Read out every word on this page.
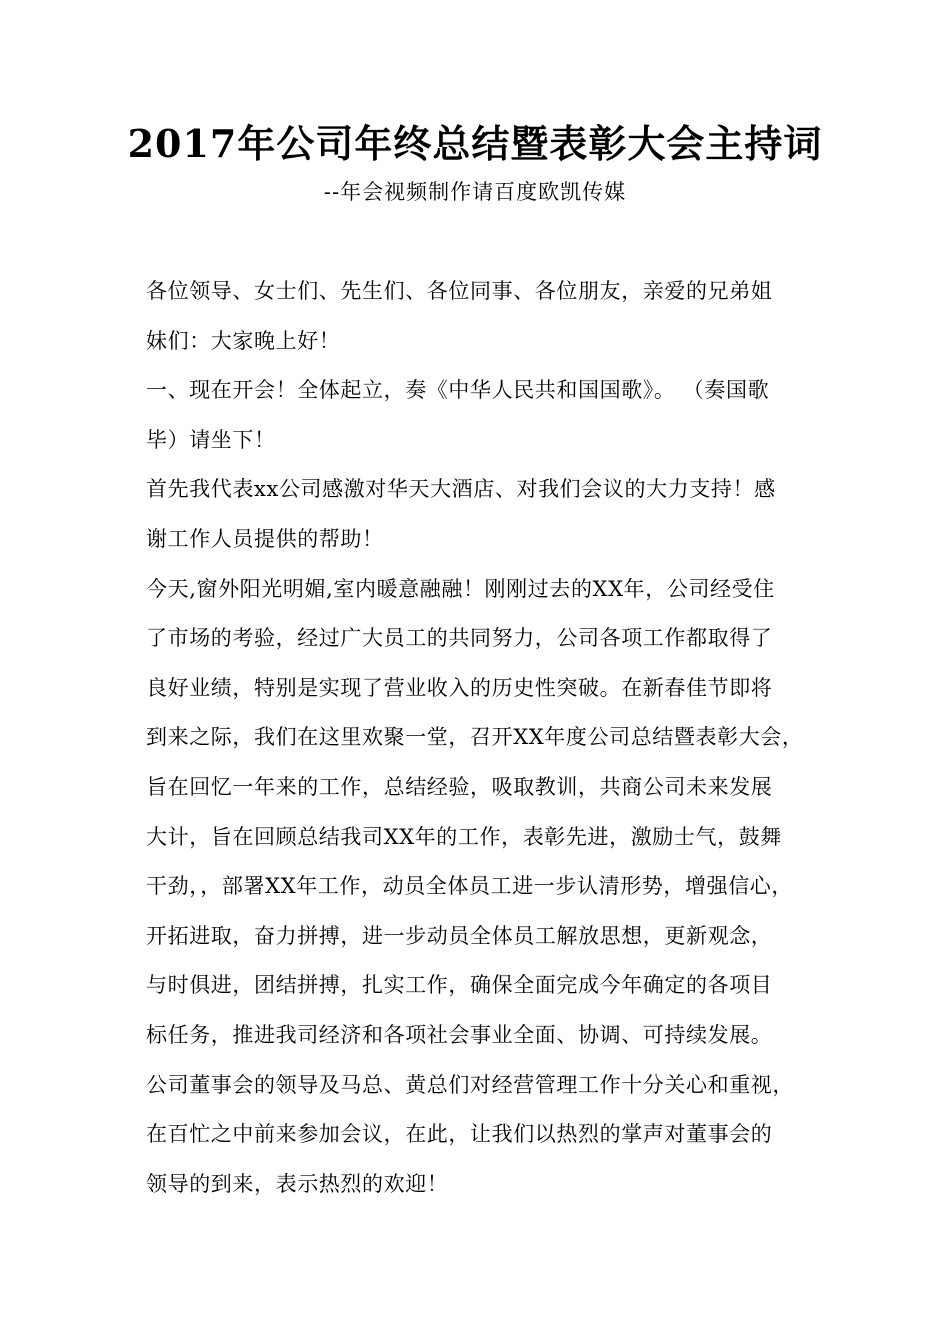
2017年公司年终总结暨表彰大会主持词
--年会视频制作请百度欧凯传媒
各位领导、女士们、先生们、各位同事、各位朋友，亲爱的兄弟姐
妹们：大家晚上好！
一、现在开会！全体起立，奏《中华人民共和国国歌》。 （奏国歌
毕）请坐下！
首先我代表xx公司感激对华天大酒店、对我们会议的大力支持！感
谢工作人员提供的帮助！
今天,窗外阳光明媚,室内暖意融融！刚刚过去的XX年，公司经受住
了市场的考验，经过广大员工的共同努力，公司各项工作都取得了
良好业绩，特别是实现了营业收入的历史性突破。在新春佳节即将
到来之际，我们在这里欢聚一堂，召开XX年度公司总结暨表彰大会，
旨在回忆一年来的工作，总结经验，吸取教训，共商公司未来发展
大计，旨在回顾总结我司XX年的工作，表彰先进，激励士气，鼓舞
干劲，，部署XX年工作，动员全体员工进一步认清形势，增强信心，
开拓进取，奋力拼搏，进一步动员全体员工解放思想，更新观念，
与时俱进，团结拼搏，扎实工作，确保全面完成今年确定的各项目
标任务，推进我司经济和各项社会事业全面、协调、可持续发展。
公司董事会的领导及马总、黄总们对经营管理工作十分关心和重视，
在百忙之中前来参加会议，在此，让我们以热烈的掌声对董事会的
领导的到来，表示热烈的欢迎！
